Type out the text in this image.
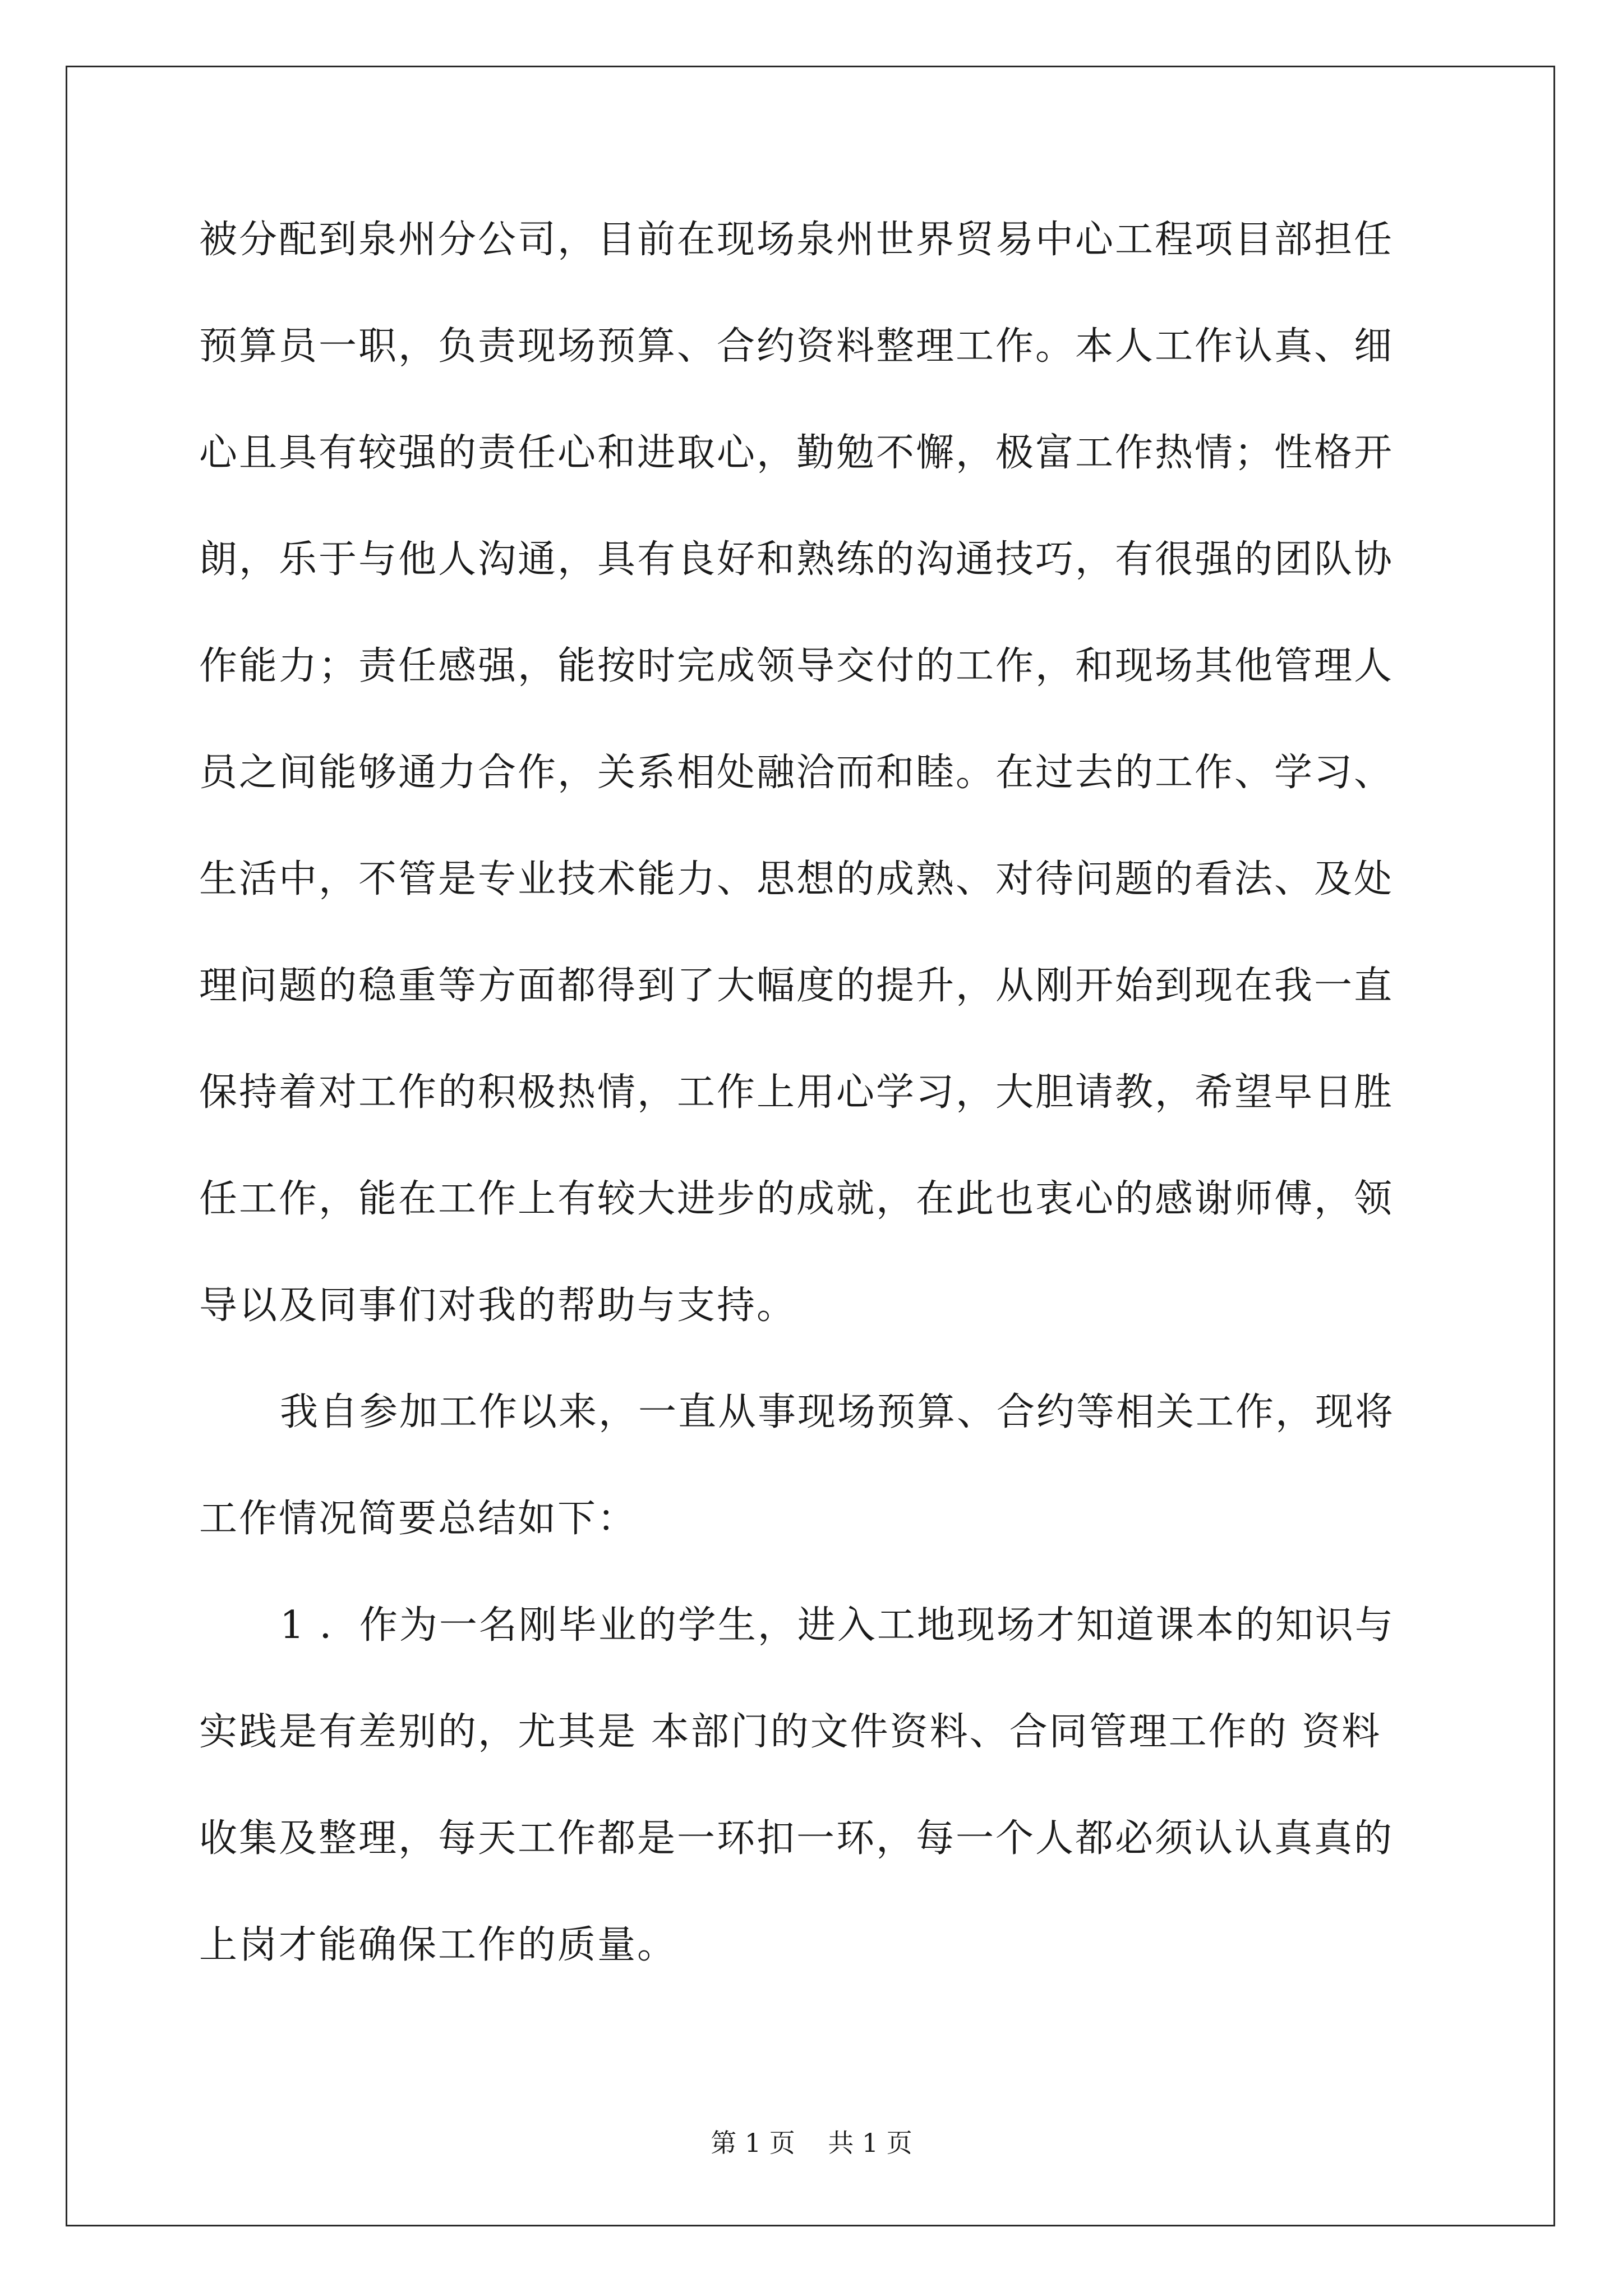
被分配到泉州分公司，目前在现场泉州世界贸易中心工程项目部担任
预算员一职，负责现场预算、合约资料整理工作。本人工作认真、细
心且具有较强的责任心和进取心，勤勉不懈，极富工作热情；性格开
朗，乐于与他人沟通，具有良好和熟练的沟通技巧，有很强的团队协
作能力；责任感强，能按时完成领导交付的工作，和现场其他管理人
员之间能够通力合作，关系相处融洽而和睦。在过去的工作、学习、
生活中，不管是专业技术能力、思想的成熟、对待问题的看法、及处
理问题的稳重等方面都得到了大幅度的提升，从刚开始到现在我一直
保持着对工作的积极热情，工作上用心学习，大胆请教，希望早日胜
任工作，能在工作上有较大进步的成就，在此也衷心的感谢师傅，领
导以及同事们对我的帮助与支持。
我自参加工作以来，一直从事现场预算、合约等相关工作，现将
工作情况简要总结如下：
1 ．作为一名刚毕业的学生，进入工地现场才知道课本的知识与
实践是有差别的，尤其是 本部门的文件资料、合同管理工作的 资料
收集及整理，每天工作都是一环扣一环，每一个人都必须认认真真的
上岗才能确保工作的质量。
第 1 页    共 1 页
